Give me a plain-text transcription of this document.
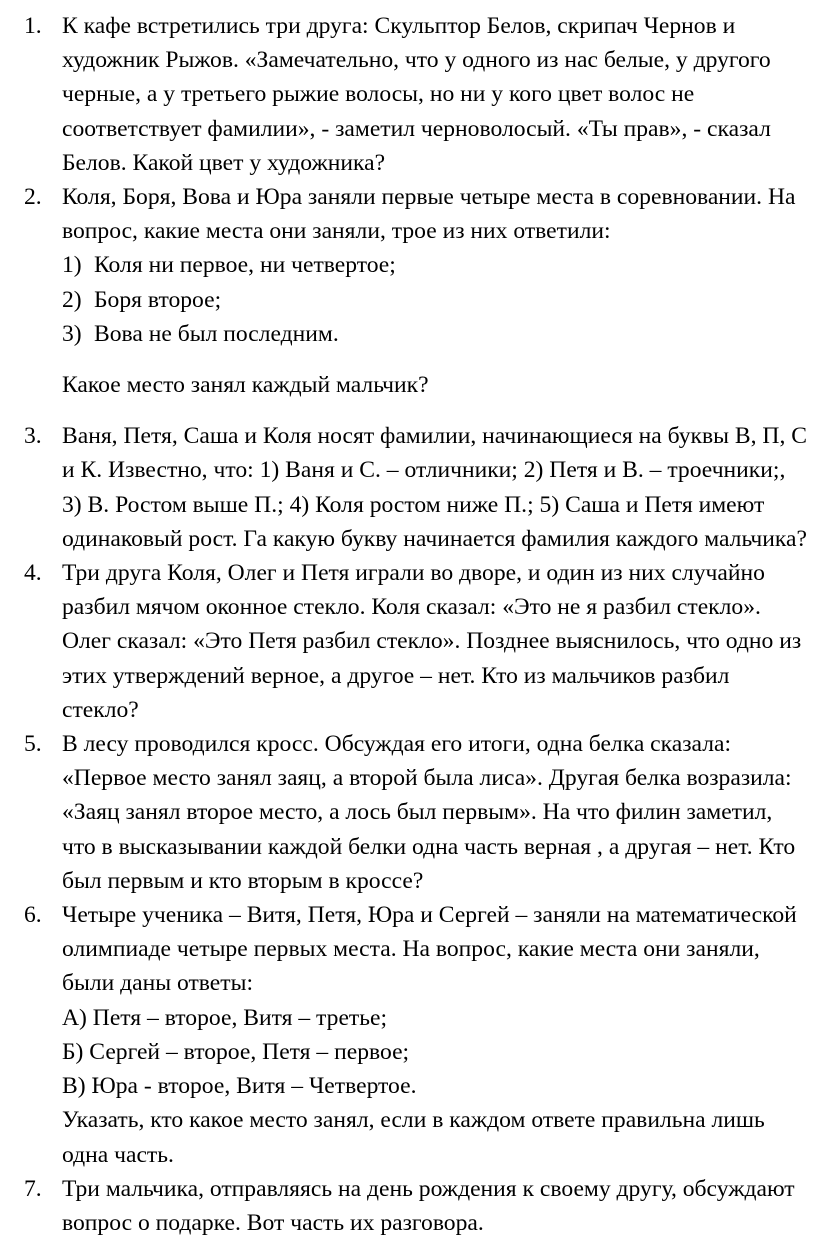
1. К кафе встретились три друга: Скульптор Белов, скрипач Чернов и художник Рыжов. «Замечательно, что у одного из нас белые, у другого черные, а у третьего рыжие волосы, но ни у кого цвет волос не соответствует фамилии», - заметил черноволосый. «Ты прав», - сказал Белов. Какой цвет у художника?
2. Коля, Боря, Вова и Юра заняли первые четыре места в соревновании. На вопрос, какие места они заняли, трое из них ответили:
1) Коля ни первое, ни четвертое;
2) Боря второе;
3) Вова не был последним.
Какое место занял каждый мальчик?
3. Ваня, Петя, Саша и Коля носят фамилии, начинающиеся на буквы В, П, С и К. Известно, что: 1) Ваня и С. – отличники; 2) Петя и В. – троечники;, 3) В. Ростом выше П.; 4) Коля ростом ниже П.; 5) Саша и Петя имеют одинаковый рост. Га какую букву начинается фамилия каждого мальчика?
4. Три друга Коля, Олег и Петя играли во дворе, и один из них случайно разбил мячом оконное стекло. Коля сказал: «Это не я разбил стекло». Олег сказал: «Это Петя разбил стекло». Позднее выяснилось, что одно из этих утверждений верное, а другое – нет. Кто из мальчиков разбил стекло?
5. В лесу проводился кросс. Обсуждая его итоги, одна белка сказала: «Первое место занял заяц, а второй была лиса». Другая белка возразила: «Заяц занял второе место, а лось был первым». На что филин заметил, что в высказывании каждой белки одна часть верная , а другая – нет. Кто был первым и кто вторым в кроссе?
6. Четыре ученика – Витя, Петя, Юра и Сергей – заняли на математической олимпиаде четыре первых места. На вопрос, какие места они заняли, были даны ответы:
А) Петя – второе, Витя – третье;
Б) Сергей – второе, Петя – первое;
В) Юра - второе, Витя – Четвертое.
Указать, кто какое место занял, если в каждом ответе правильна лишь одна часть.
7. Три мальчика, отправляясь на день рождения к своему другу, обсуждают вопрос о подарке. Вот часть их разговора.
